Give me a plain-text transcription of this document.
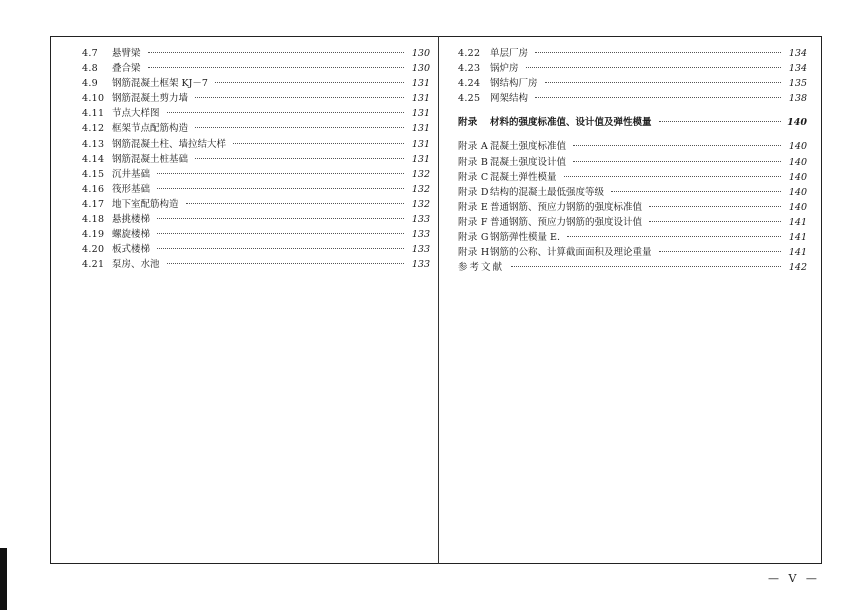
4.7	悬臂梁	130
4.8	叠合梁	130
4.9	钢筋混凝土框架 KJ－7	131
4.10 钢筋混凝土剪力墙	131
4.11 节点大样图	131
4.12 框架节点配筋构造	131
4.13 钢筋混凝土柱、墙拉结大样	131
4.14 钢筋混凝土桩基础	131
4.15 沉井基础	132
4.16 筏形基础	132
4.17 地下室配筋构造	132
4.18 悬挑楼梯	133
4.19 螺旋楼梯	133
4.20 板式楼梯	133
4.21 泵房、水池	133
4.22	单层厂房	134
4.23	锅炉房	134
4.24	钢结构厂房	135
4.25	网架结构	138
附录	材料的强度标准值、设计值及弹性模量	140
附录 A 混凝土强度标准值	140
附录 B 混凝土强度设计值	140
附录 C 混凝土弹性模量	140
附录 D 结构的混凝土最低强度等级	140
附录 E 普通钢筋、预应力钢筋的强度标准值	140
附录 F 普通钢筋、预应力钢筋的强度设计值	141
附录 G 钢筋弹性模量 E.	141
附录 H 钢筋的公称、计算截面面积及理论重量	141
参考文献	142
— Ⅴ —
